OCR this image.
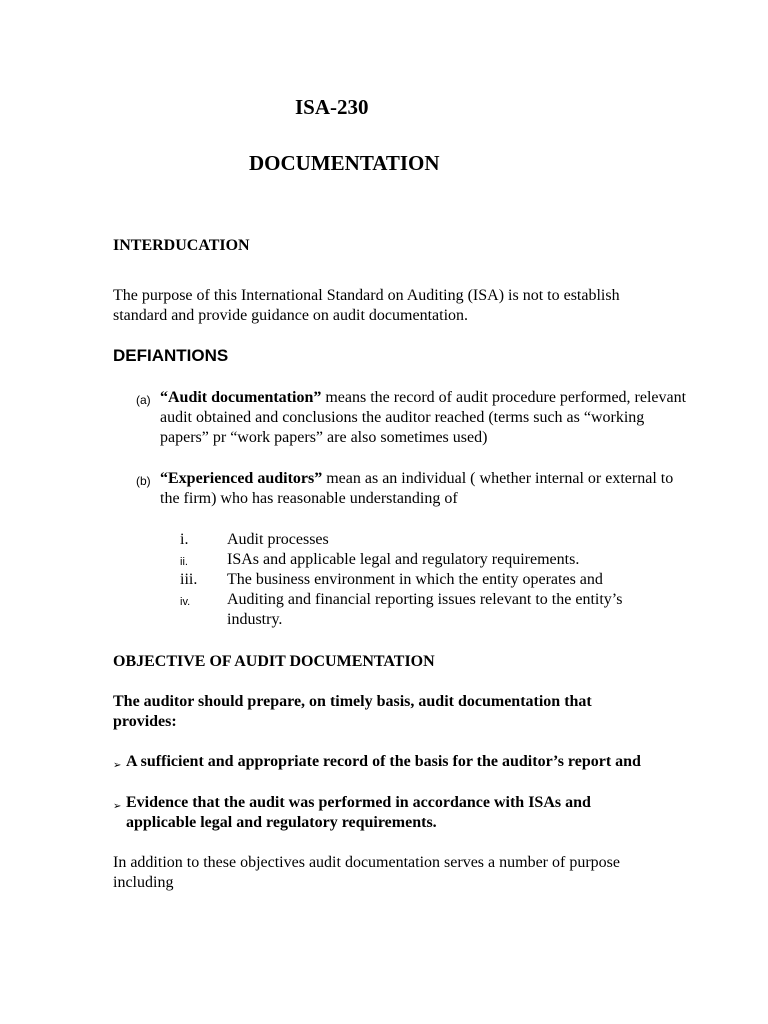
ISA-230
DOCUMENTATION
INTERDUCATION

The purpose of this International Standard on Auditing (ISA) is not to establish standard and provide guidance on audit documentation.

DEFIANTIONS
(a) “Audit documentation” means the record of audit procedure performed, relevant audit obtained and conclusions the auditor reached (terms such as “working papers” pr “work papers” are also sometimes used)

(b) “Experienced auditors” mean as an individual ( whether internal or external to the firm) who has reasonable understanding of

i. Audit processes
ii. ISAs and applicable legal and regulatory requirements.
iii. The business environment in which the entity operates and
iv. Auditing and financial reporting issues relevant to the entity’s industry.

OBJECTIVE OF AUDIT DOCUMENTATION

The auditor should prepare, on timely basis, audit documentation that provides:

➢ A sufficient and appropriate record of the basis for the auditor’s report and

➢ Evidence that the audit was performed in accordance with ISAs and applicable legal and regulatory requirements.

In addition to these objectives audit documentation serves a number of purpose including
